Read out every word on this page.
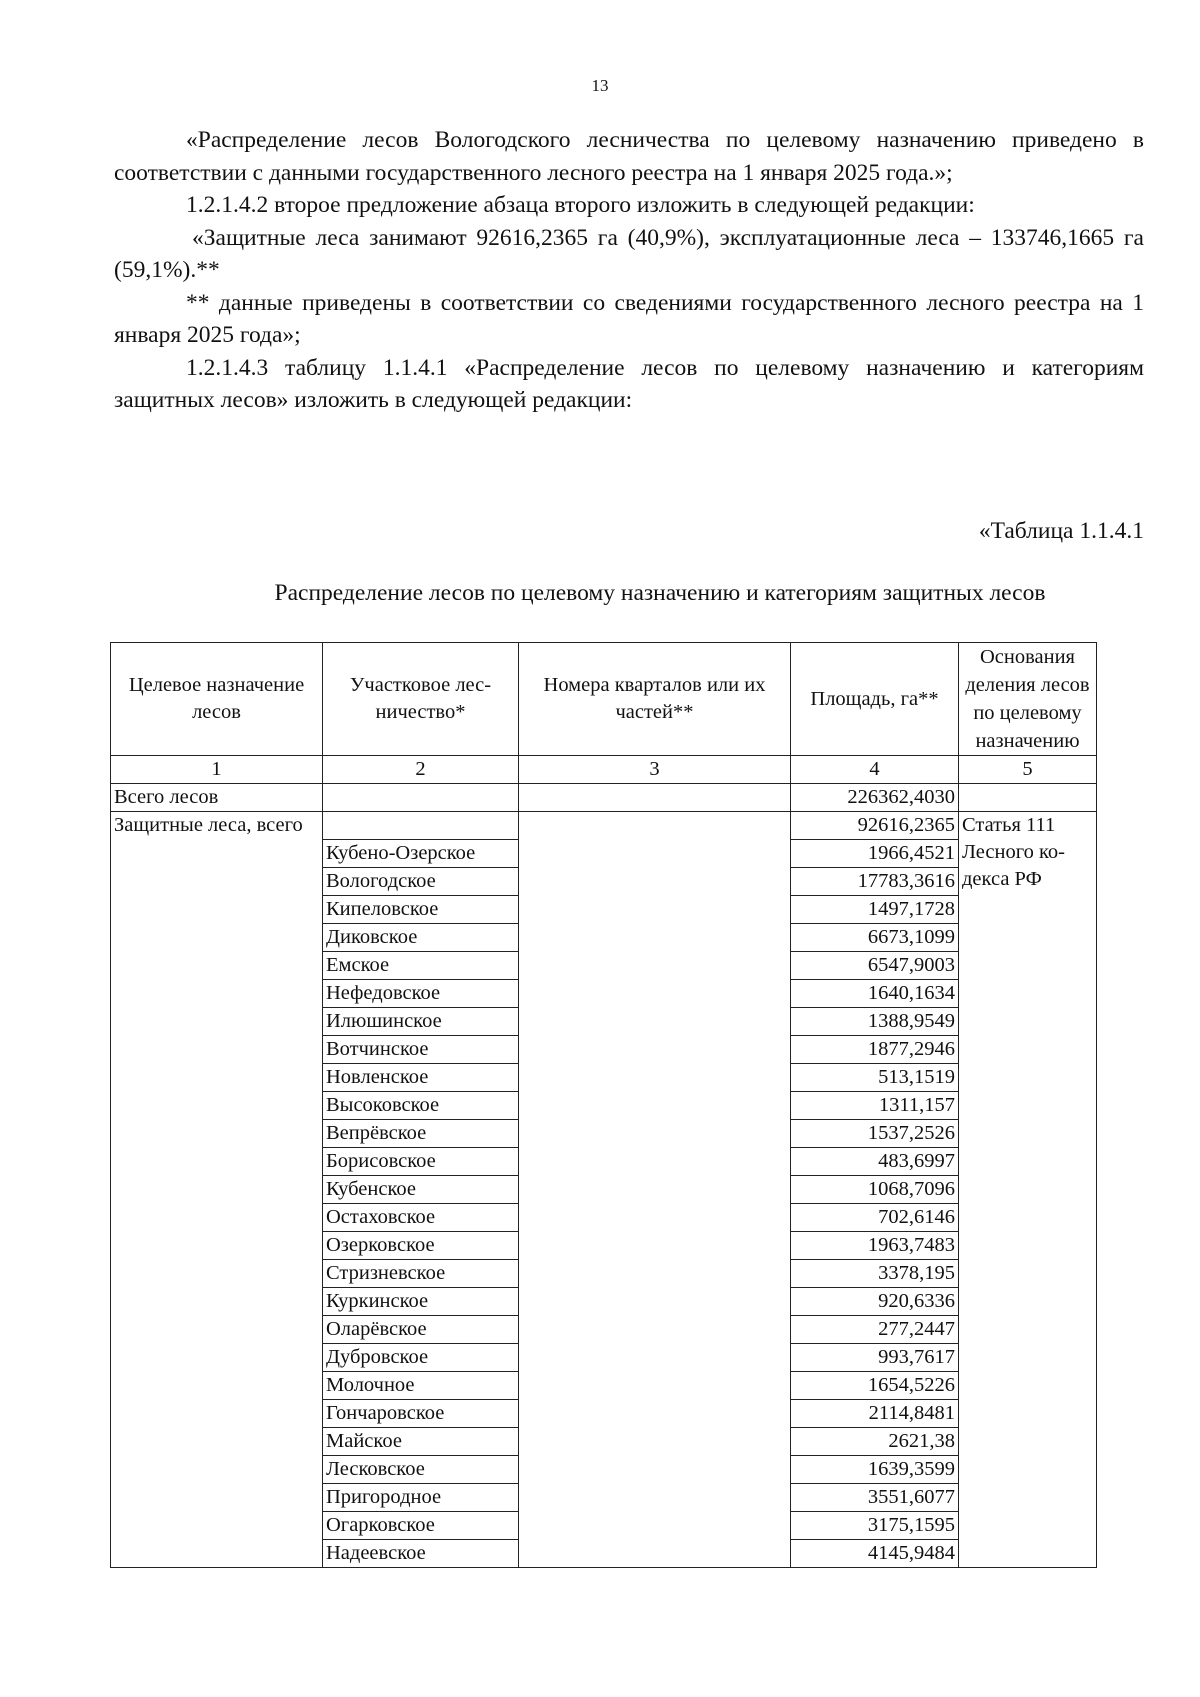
13

«Распределение лесов Вологодского лесничества по целевому назначению приведено в соответствии с данными государственного лесного реестра на 1 января 2025 года.»;

1.2.1.4.2 второе предложение абзаца второго изложить в следующей редакции:

«Защитные леса занимают 92616,2365 га (40,9%), эксплуатационные леса – 133746,1665 га (59,1%).**

** данные приведены в соответствии со сведениями государственного лесного реестра на 1 января 2025 года»;

1.2.1.4.3 таблицу 1.1.4.1 «Распределение лесов по целевому назначению и категориям защитных лесов» изложить в следующей редакции:

«Таблица 1.1.4.1
Распределение лесов по целевому назначению и категориям защитных лесов
Целевое назначение лесов	Участковое лес-ничество*	Номера кварталов или их частей**	Площадь, га**	Основания деления лесов по целевому назначению
1	2	3	4	5
Всего лесов			226362,4030	
Защитные леса, всего			92616,2365	Статья 111 Лесного ко-декса РФ
	Кубено-Озерское		1966,4521	
	Вологодское		17783,3616	
	Кипеловское		1497,1728	
	Диковское		6673,1099	
	Емское		6547,9003	
	Нефедовское		1640,1634	
	Илюшинское		1388,9549	
	Вотчинское		1877,2946	
	Новленское		513,1519	
	Высоковское		1311,157	
	Вепрёвское		1537,2526	
	Борисовское		483,6997	
	Кубенское		1068,7096	
	Остаховское		702,6146	
	Озерковское		1963,7483	
	Стризневское		3378,195	
	Куркинское		920,6336	
	Оларёвское		277,2447	
	Дубровское		993,7617	
	Молочное		1654,5226	
	Гончаровское		2114,8481	
	Майское		2621,38	
	Лесковское		1639,3599	
	Пригородное		3551,6077	
	Огарковское		3175,1595	
	Надеевское		4145,9484	
